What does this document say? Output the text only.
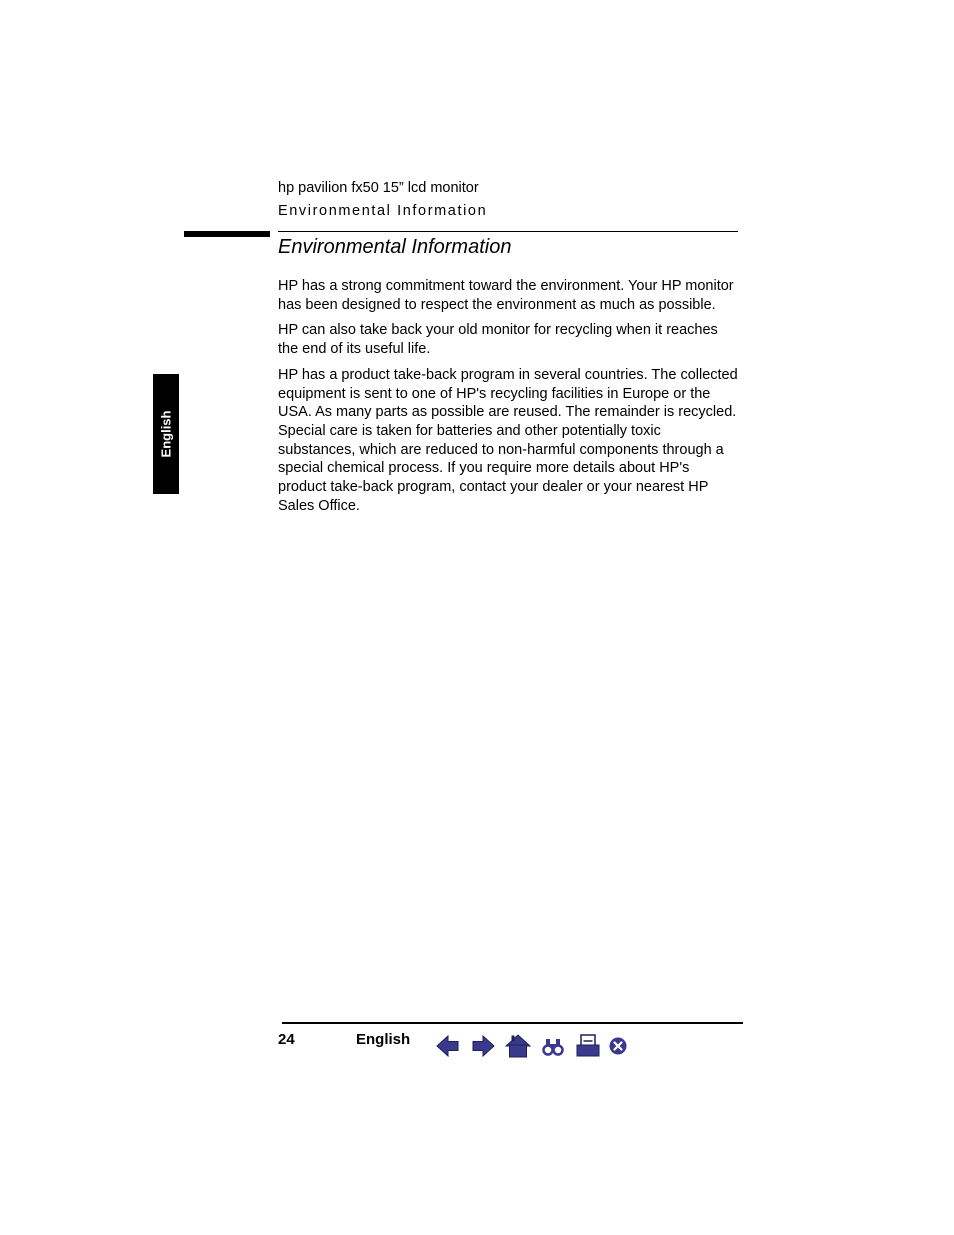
hp pavilion fx50 15” lcd monitor
Environmental Information
Environmental Information

HP has a strong commitment toward the environment. Your HP monitor has been designed to respect the environment as much as possible.

HP can also take back your old monitor for recycling when it reaches the end of its useful life.

HP has a product take-back program in several countries. The collected equipment is sent to one of HP's recycling facilities in Europe or the USA. As many parts as possible are reused. The remainder is recycled. Special care is taken for batteries and other potentially toxic substances, which are reduced to non-harmful components through a special chemical process. If you require more details about HP's product take-back program, contact your dealer or your nearest HP Sales Office.

English
24	English
